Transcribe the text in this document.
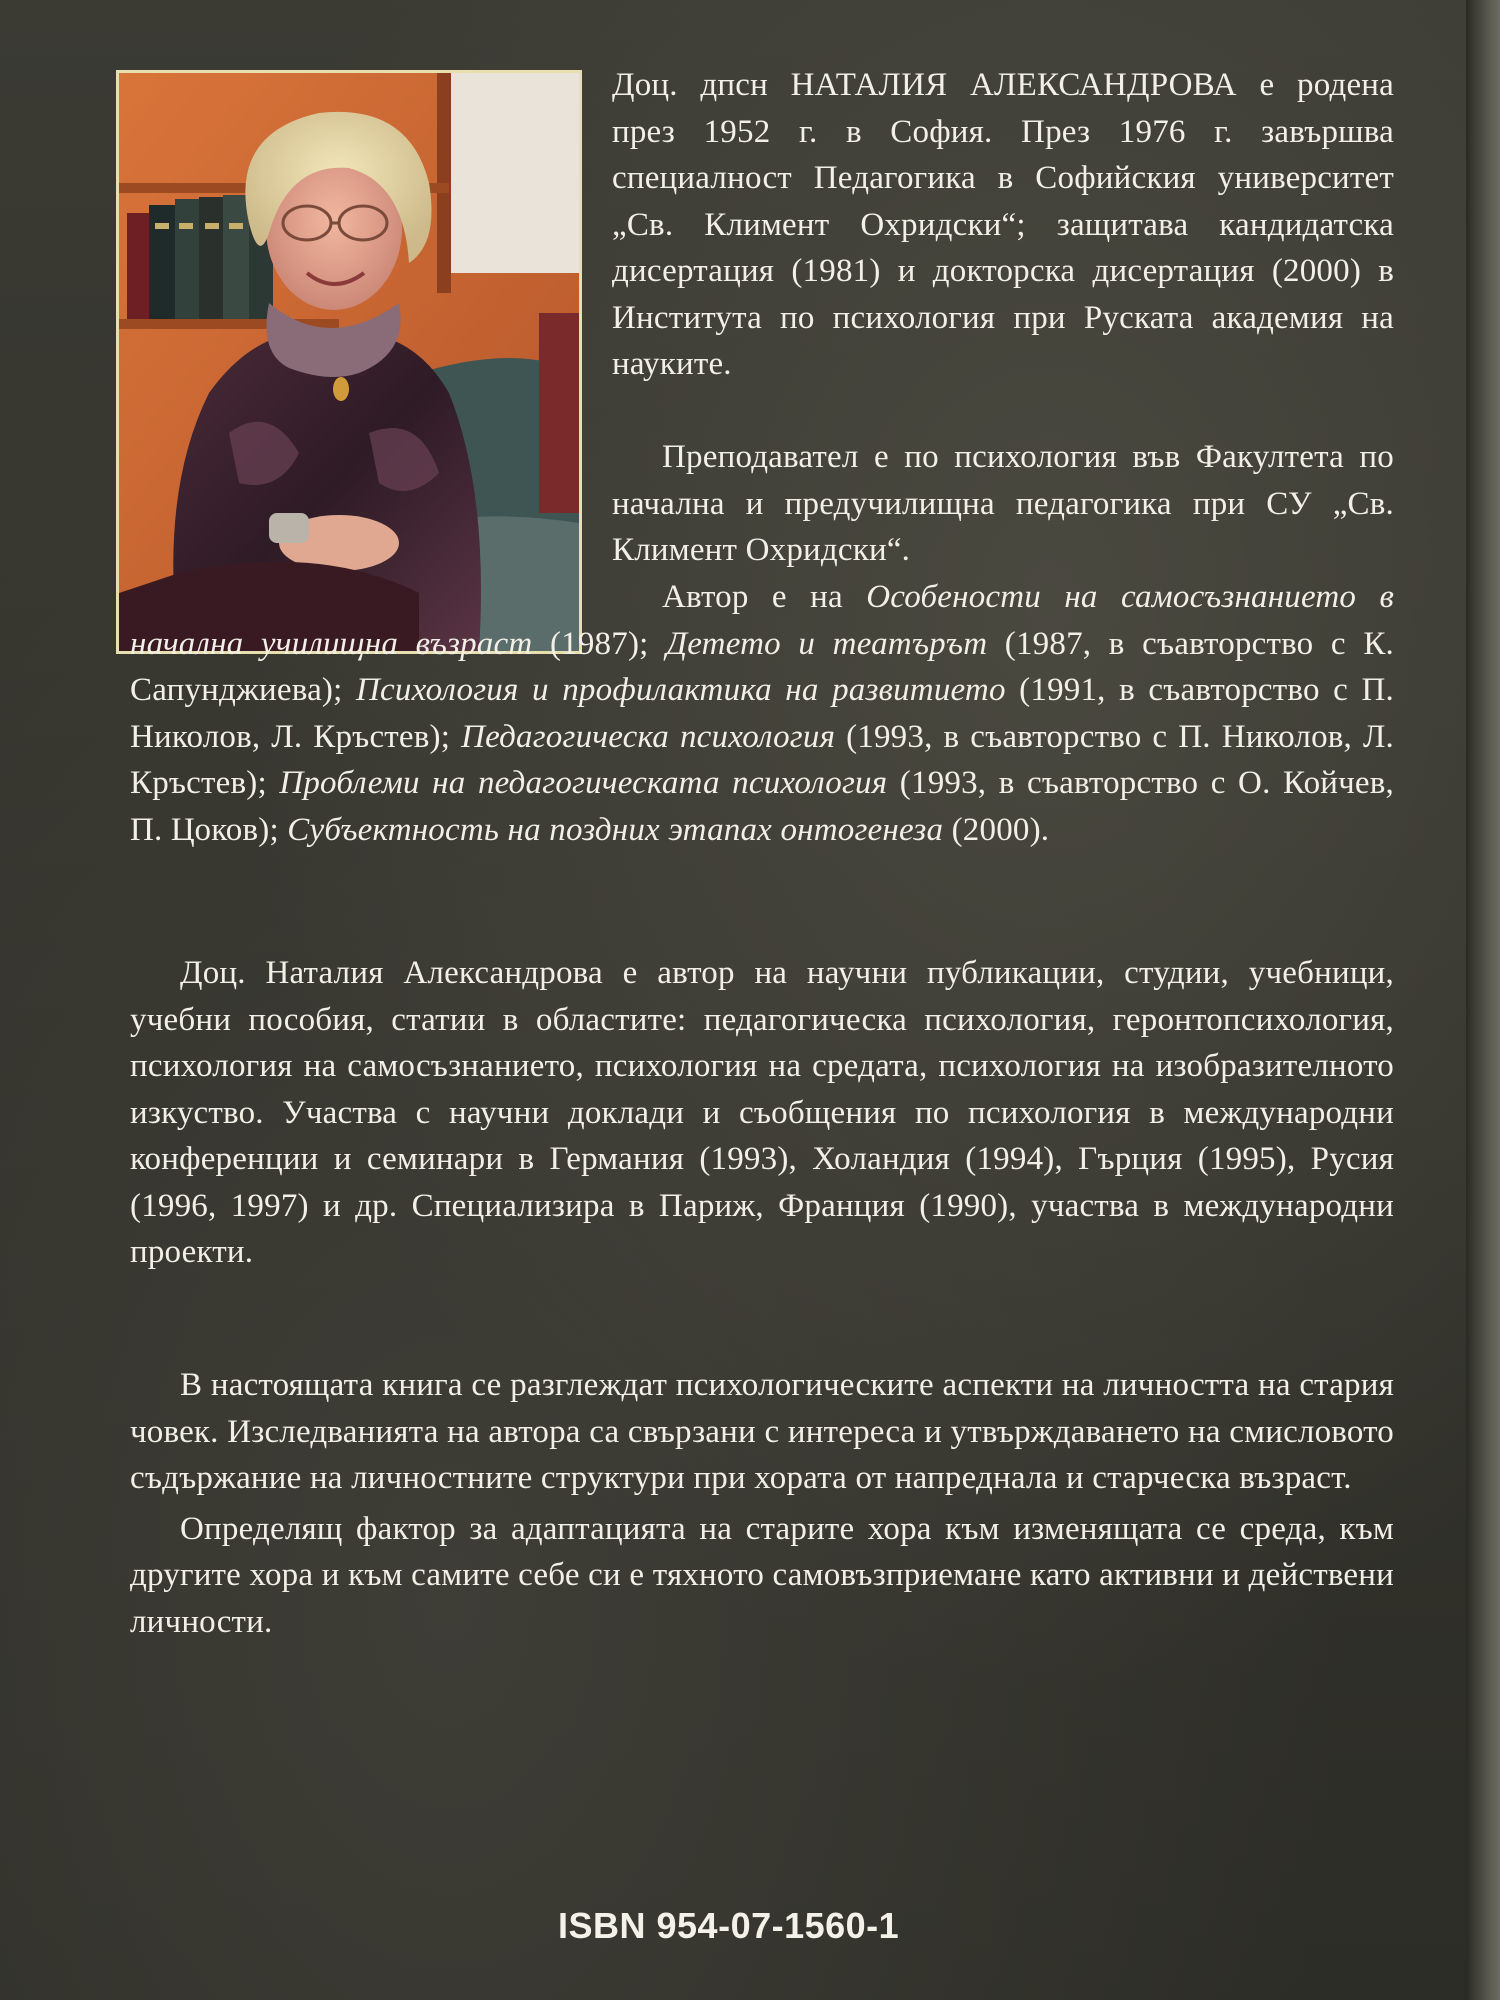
Доц. дпсн НАТАЛИЯ АЛЕКСАНДРОВА е родена през 1952 г. в София. През 1976 г. завършва специалност Педагогика в Софийския университет „Св. Климент Охридски“; защитава кандидатска дисертация (1981) и докторска дисертация (2000) в Института по психология при Руската академия на науките.

Преподавател е по психология във Факултета по начална и предучилищна педагогика при СУ „Св. Климент Охридски“.

Автор е на Особености на самосъзнанието в начална училищна възраст (1987); Детето и театърът (1987, в съавторство с К. Сапунджиева); Психология и профилактика на развитието (1991, в съавторство с П. Николов, Л. Кръстев); Педагогическа психология (1993, в съавторство с П. Николов, Л. Кръстев); Проблеми на педагогическата психология (1993, в съавторство с О. Койчев, П. Цоков); Субъектность на поздних этапах онтогенеза (2000).

Доц. Наталия Александрова е автор на научни публикации, студии, учебници, учебни пособия, статии в областите: педагогическа психология, геронтопсихология, психология на самосъзнанието, психология на средата, психология на изобразителното изкуство. Участва с научни доклади и съобщения по психология в международни конференции и семинари в Германия (1993), Холандия (1994), Гърция (1995), Русия (1996, 1997) и др. Специализира в Париж, Франция (1990), участва в международни проекти.

В настоящата книга се разглеждат психологическите аспекти на личността на стария човек. Изследванията на автора са свързани с интереса и утвърждаването на смисловото съдържание на личностните структури при хората от напреднала и старческа възраст.

Определящ фактор за адаптацията на старите хора към изменящата се среда, към другите хора и към самите себе си е тяхното самовъзприемане като активни и действени личности.

ISBN 954-07-1560-1
